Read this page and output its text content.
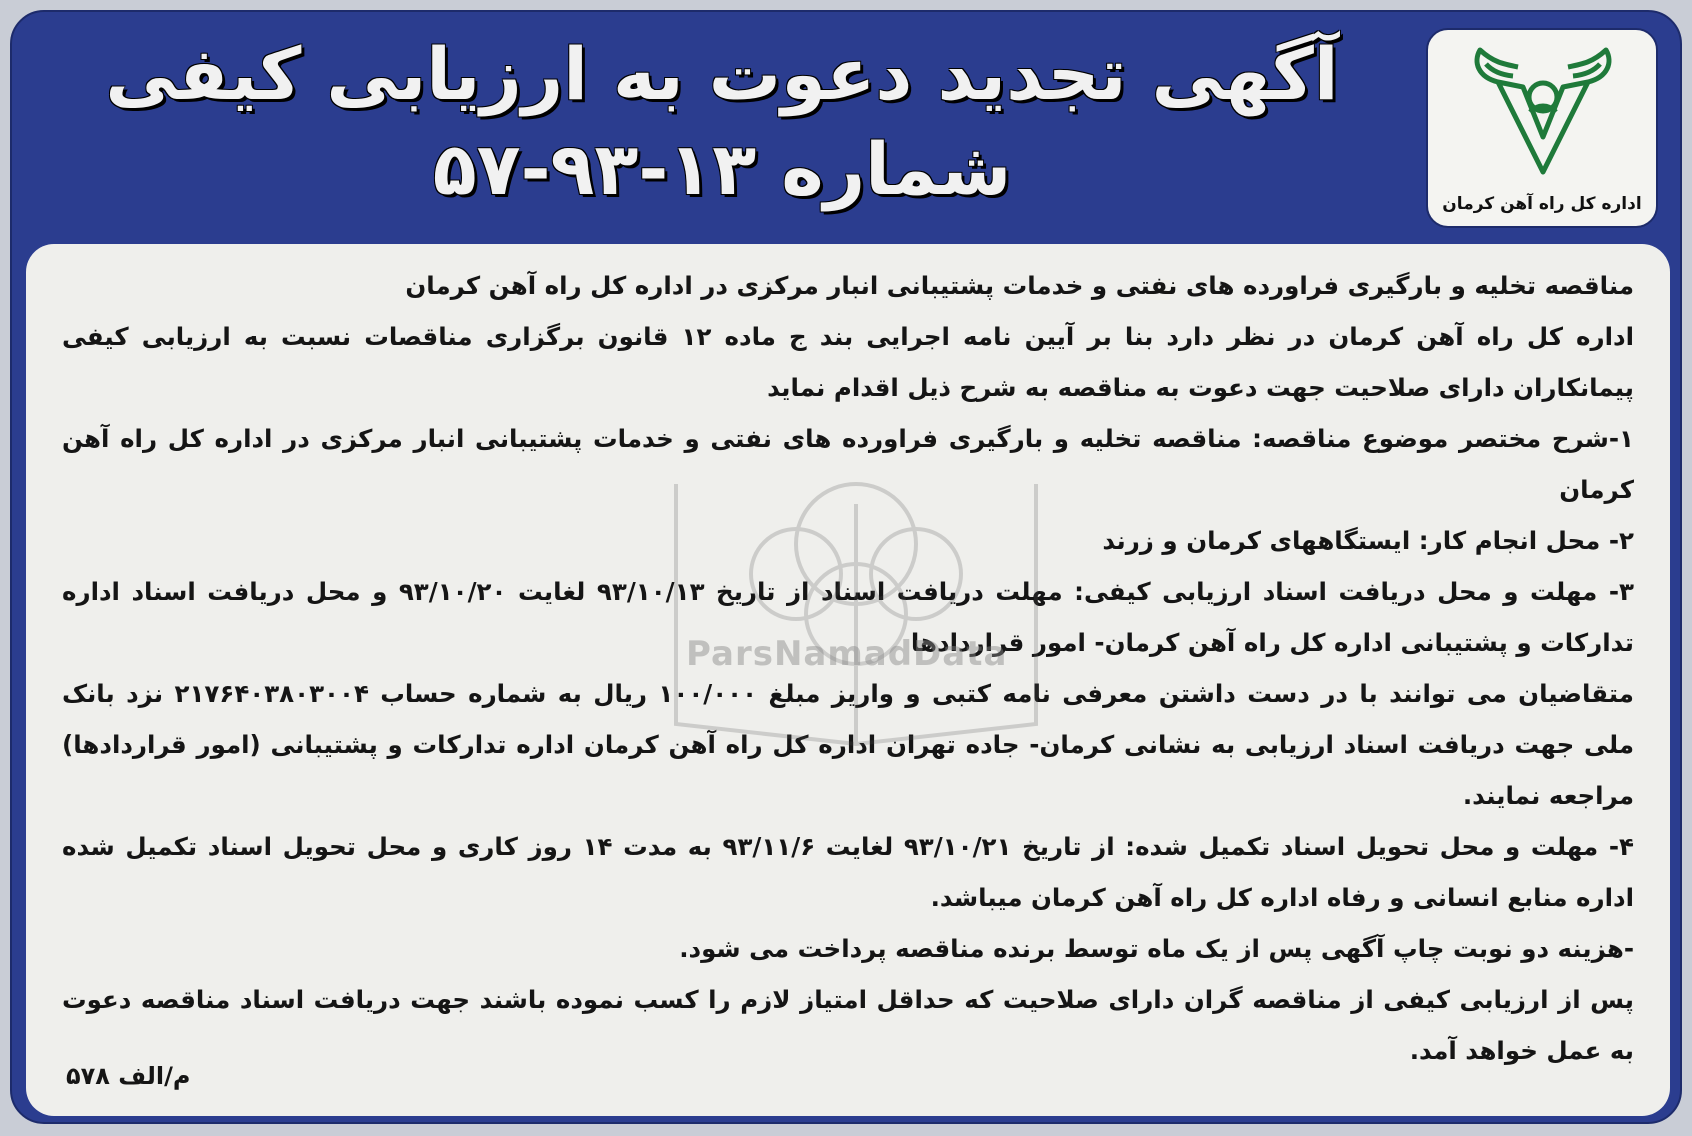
آگهی تجدید دعوت به ارزیابی کیفی
شماره ۱۳-۹۳-۵۷	اداره کل راه آهن کرمان
ParsNamadData

مناقصه تخلیه و بارگیری فراورده های نفتی و خدمات پشتیبانی انبار مرکزی در اداره کل راه آهن کرمان

اداره کل راه آهن کرمان در نظر دارد بنا بر آیین نامه اجرایی بند ج ماده ۱۲ قانون برگزاری مناقصات نسبت به ارزیابی کیفی پیمانکاران دارای صلاحیت جهت دعوت به مناقصه به شرح ذیل اقدام نماید

۱-شرح مختصر موضوع مناقصه: مناقصه تخلیه و بارگیری فراورده های نفتی و خدمات پشتیبانی انبار مرکزی در اداره کل راه آهن کرمان

۲- محل انجام کار: ایستگاههای کرمان و زرند

۳- مهلت و محل دریافت اسناد ارزیابی کیفی: مهلت دریافت اسناد از تاریخ ۹۳/۱۰/۱۳ لغایت ۹۳/۱۰/۲۰ و محل دریافت اسناد اداره تدارکات و پشتیبانی اداره کل راه آهن کرمان- امور قراردادها

متقاضیان می توانند با در دست داشتن معرفی نامه کتبی و واریز مبلغ ۱۰۰/۰۰۰ ریال به شماره حساب ۲۱۷۶۴۰۳۸۰۳۰۰۴ نزد بانک ملی جهت دریافت اسناد ارزیابی به نشانی کرمان- جاده تهران اداره کل راه آهن کرمان اداره تدارکات و پشتیبانی (امور قراردادها) مراجعه نمایند.

۴- مهلت و محل تحویل اسناد تکمیل شده: از تاریخ ۹۳/۱۰/۲۱ لغایت ۹۳/۱۱/۶ به مدت ۱۴ روز کاری و محل تحویل اسناد تکمیل شده اداره منابع انسانی و رفاه اداره کل راه آهن کرمان میباشد.

-هزینه دو نوبت چاپ آگهی پس از یک ماه توسط برنده مناقصه پرداخت می شود.

پس از ارزیابی کیفی از مناقصه گران دارای صلاحیت که حداقل امتیاز لازم را کسب نموده باشند جهت دریافت اسناد مناقصه دعوت به عمل خواهد آمد.

م/الف ۵۷۸
